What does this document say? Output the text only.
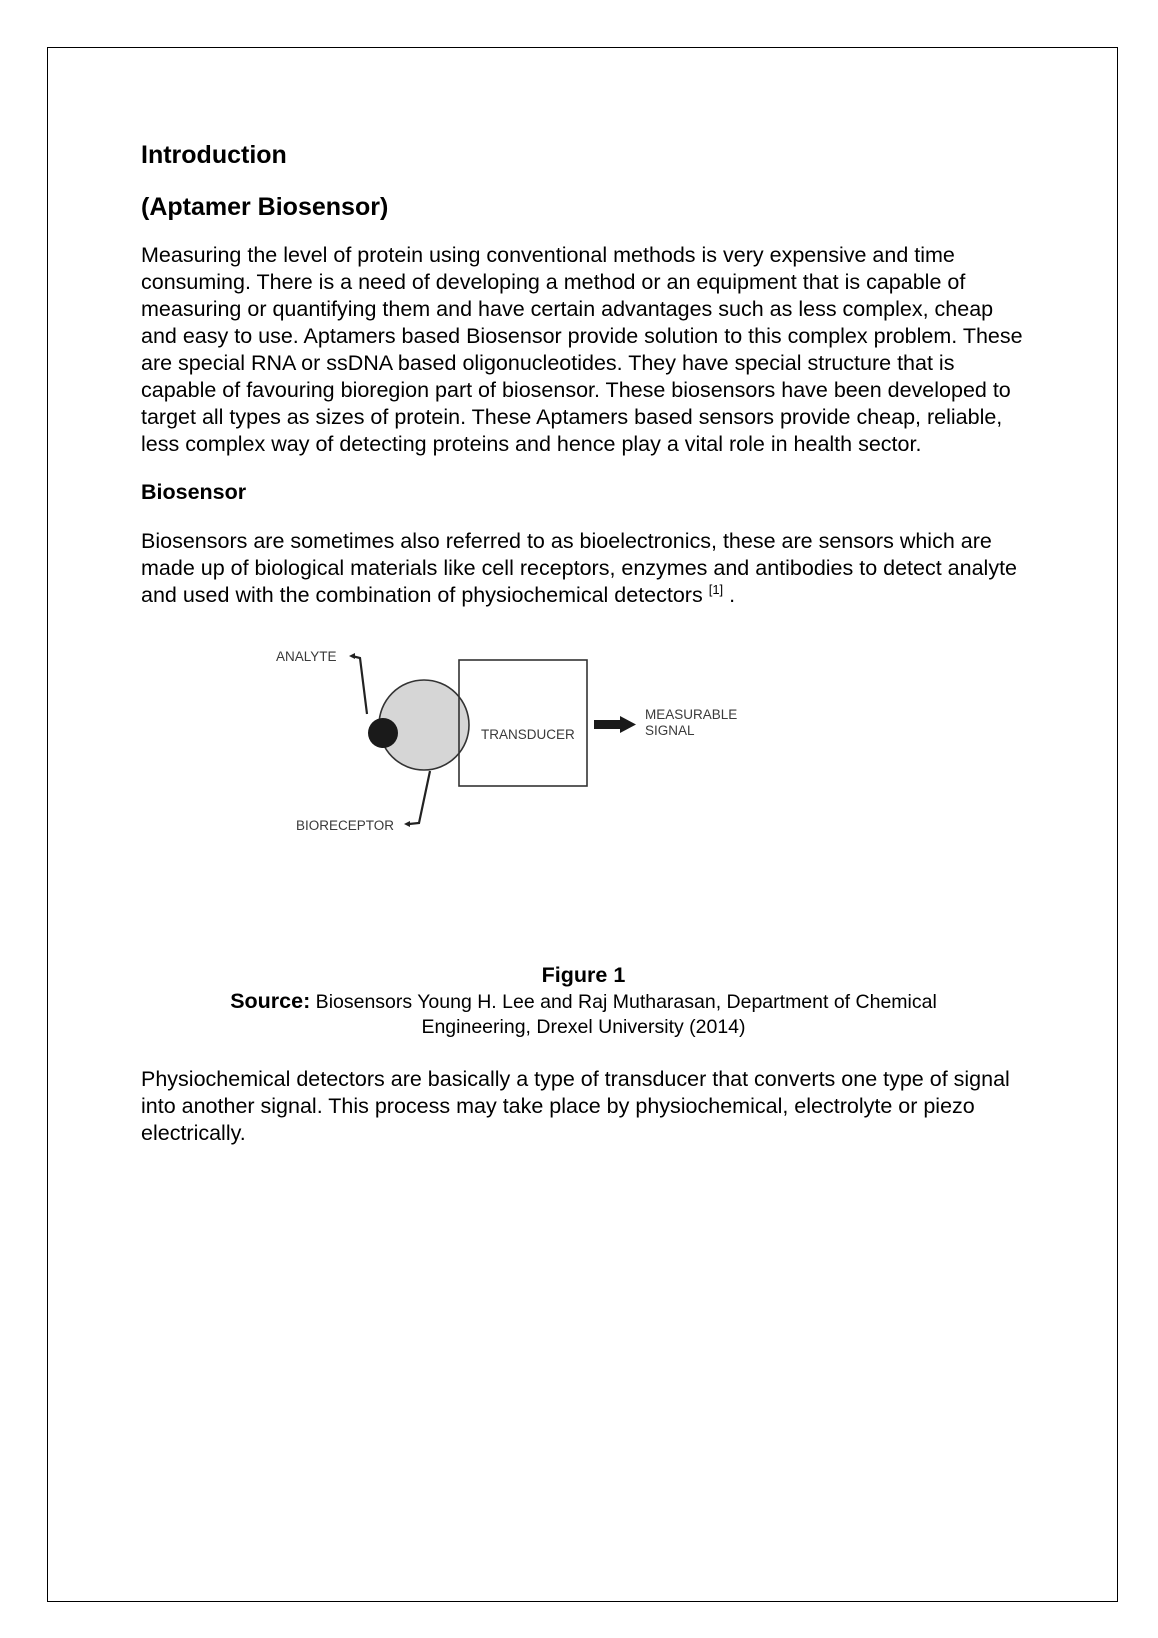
Introduction
(Aptamer Biosensor)

Measuring the level of protein using conventional methods is very expensive and time consuming. There is a need of developing a method or an equipment that is capable of measuring or quantifying them and have certain advantages such as less complex, cheap and easy to use. Aptamers based Biosensor provide solution to this complex problem. These are special RNA or ssDNA based oligonucleotides. They have special structure that is capable of favouring bioregion part of biosensor. These biosensors have been developed to target all types as sizes of protein. These Aptamers based sensors provide cheap, reliable, less complex way of detecting proteins and hence play a vital role in health sector.

Biosensor

Biosensors are sometimes also referred to as bioelectronics, these are sensors which are made up of biological materials like cell receptors, enzymes and antibodies to detect analyte and used with the combination of physiochemical detectors [1] .

ANALYTE
TRANSDUCER
MEASURABLE
SIGNAL
BIORECEPTOR

Figure 1

Source: Biosensors Young H. Lee and Raj Mutharasan, Department of Chemical

Engineering, Drexel University (2014)

Physiochemical detectors are basically a type of transducer that converts one type of signal into another signal. This process may take place by physiochemical, electrolyte or piezo electrically.
